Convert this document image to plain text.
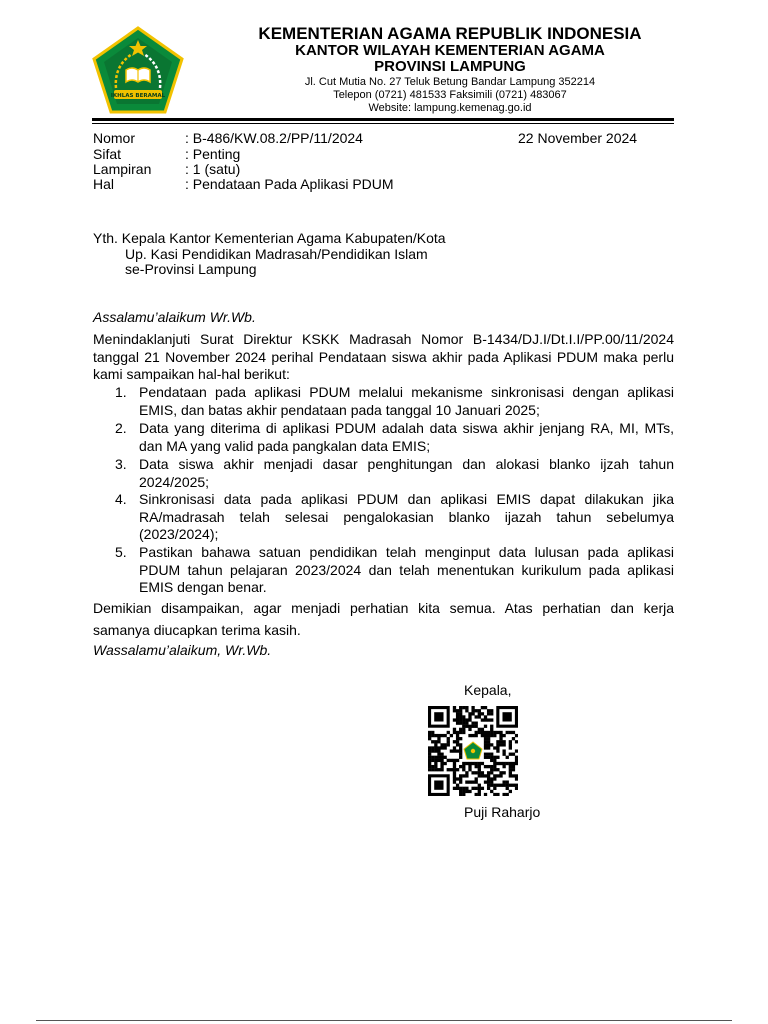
IKHLAS BERAMAL
KEMENTERIAN AGAMA REPUBLIK INDONESIA
KANTOR WILAYAH KEMENTERIAN AGAMA
PROVINSI LAMPUNG
Jl. Cut Mutia No. 27 Teluk Betung Bandar Lampung 352214
Telepon (0721) 481533 Faksimili (0721) 483067
Website: lampung.kemenag.go.id
Nomor	: B-486/KW.08.2/PP/11/2024	22 November 2024
Sifat	: Penting
Lampiran : 1 (satu)
Hal	: Pendataan Pada Aplikasi PDUM
Yth. Kepala Kantor Kementerian Agama Kabupaten/Kota
Up. Kasi Pendidikan Madrasah/Pendidikan Islam
se-Provinsi Lampung
Assalamu’alaikum Wr.Wb.
Menindaklanjuti Surat Direktur KSKK Madrasah Nomor B-1434/DJ.I/Dt.I.I/PP.00/11/2024
tanggal 21 November 2024 perihal Pendataan siswa akhir pada Aplikasi PDUM maka perlu
kami sampaikan hal-hal berikut:
1. Pendataan pada aplikasi PDUM melalui mekanisme sinkronisasi dengan aplikasi
EMIS, dan batas akhir pendataan pada tanggal 10 Januari 2025;
2. Data yang diterima di aplikasi PDUM adalah data siswa akhir jenjang RA, MI, MTs,
dan MA yang valid pada pangkalan data EMIS;
3. Data siswa akhir menjadi dasar penghitungan dan alokasi blanko ijzah tahun
2024/2025;
4. Sinkronisasi data pada aplikasi PDUM dan aplikasi EMIS dapat dilakukan jika
RA/madrasah telah selesai pengalokasian blanko ijazah tahun sebelumya
(2023/2024);
5. Pastikan bahawa satuan pendidikan telah menginput data lulusan pada aplikasi
PDUM tahun pelajaran 2023/2024 dan telah menentukan kurikulum pada aplikasi
EMIS dengan benar.
Demikian disampaikan, agar menjadi perhatian kita semua. Atas perhatian dan kerja
samanya diucapkan terima kasih.
Wassalamu’alaikum, Wr.Wb.
Kepala,
Puji Raharjo
